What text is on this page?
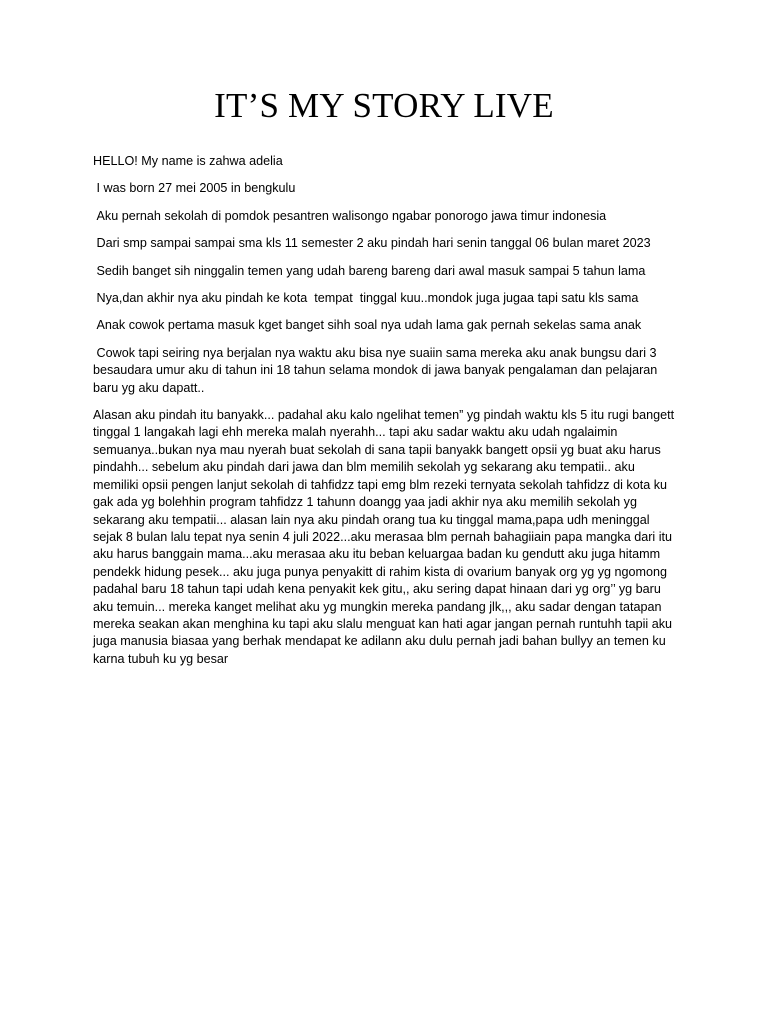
IT’S MY STORY LIVE

HELLO! My name is zahwa adelia

I was born 27 mei 2005 in bengkulu

Aku pernah sekolah di pomdok pesantren walisongo ngabar ponorogo jawa timur indonesia

Dari smp sampai sampai sma kls 11 semester 2 aku pindah hari senin tanggal 06 bulan maret 2023

Sedih banget sih ninggalin temen yang udah bareng bareng dari awal masuk sampai 5 tahun lama

Nya,dan akhir nya aku pindah ke kota  tempat  tinggal kuu..mondok juga jugaa tapi satu kls sama

Anak cowok pertama masuk kget banget sihh soal nya udah lama gak pernah sekelas sama anak

Cowok tapi seiring nya berjalan nya waktu aku bisa nye suaiin sama mereka aku anak bungsu dari 3 besaudara umur aku di tahun ini 18 tahun selama mondok di jawa banyak pengalaman dan pelajaran baru yg aku dapatt..

Alasan aku pindah itu banyakk... padahal aku kalo ngelihat temen” yg pindah waktu kls 5 itu rugi bangett tinggal 1 langakah lagi ehh mereka malah nyerahh... tapi aku sadar waktu aku udah ngalaimin semuanya..bukan nya mau nyerah buat sekolah di sana tapii banyakk bangett opsii yg buat aku harus pindahh... sebelum aku pindah dari jawa dan blm memilih sekolah yg sekarang aku tempatii.. aku memiliki opsii pengen lanjut sekolah di tahfidzz tapi emg blm rezeki ternyata sekolah tahfidzz di kota ku gak ada yg bolehhin program tahfidzz 1 tahunn doangg yaa jadi akhir nya aku memilih sekolah yg sekarang aku tempatii... alasan lain nya aku pindah orang tua ku tinggal mama,papa udh meninggal sejak 8 bulan lalu tepat nya senin 4 juli 2022...aku merasaa blm pernah bahagiiain papa mangka dari itu aku harus banggain mama...aku merasaa aku itu beban keluargaa badan ku gendutt aku juga hitamm pendekk hidung pesek... aku juga punya penyakitt di rahim kista di ovarium banyak org yg yg ngomong padahal baru 18 tahun tapi udah kena penyakit kek gitu,, aku sering dapat hinaan dari yg org’’ yg baru aku temuin... mereka kanget melihat aku yg mungkin mereka pandang jlk,,, aku sadar dengan tatapan mereka seakan akan menghina ku tapi aku slalu menguat kan hati agar jangan pernah runtuhh tapii aku juga manusia biasaa yang berhak mendapat ke adilann aku dulu pernah jadi bahan bullyy an temen ku karna tubuh ku yg besar
